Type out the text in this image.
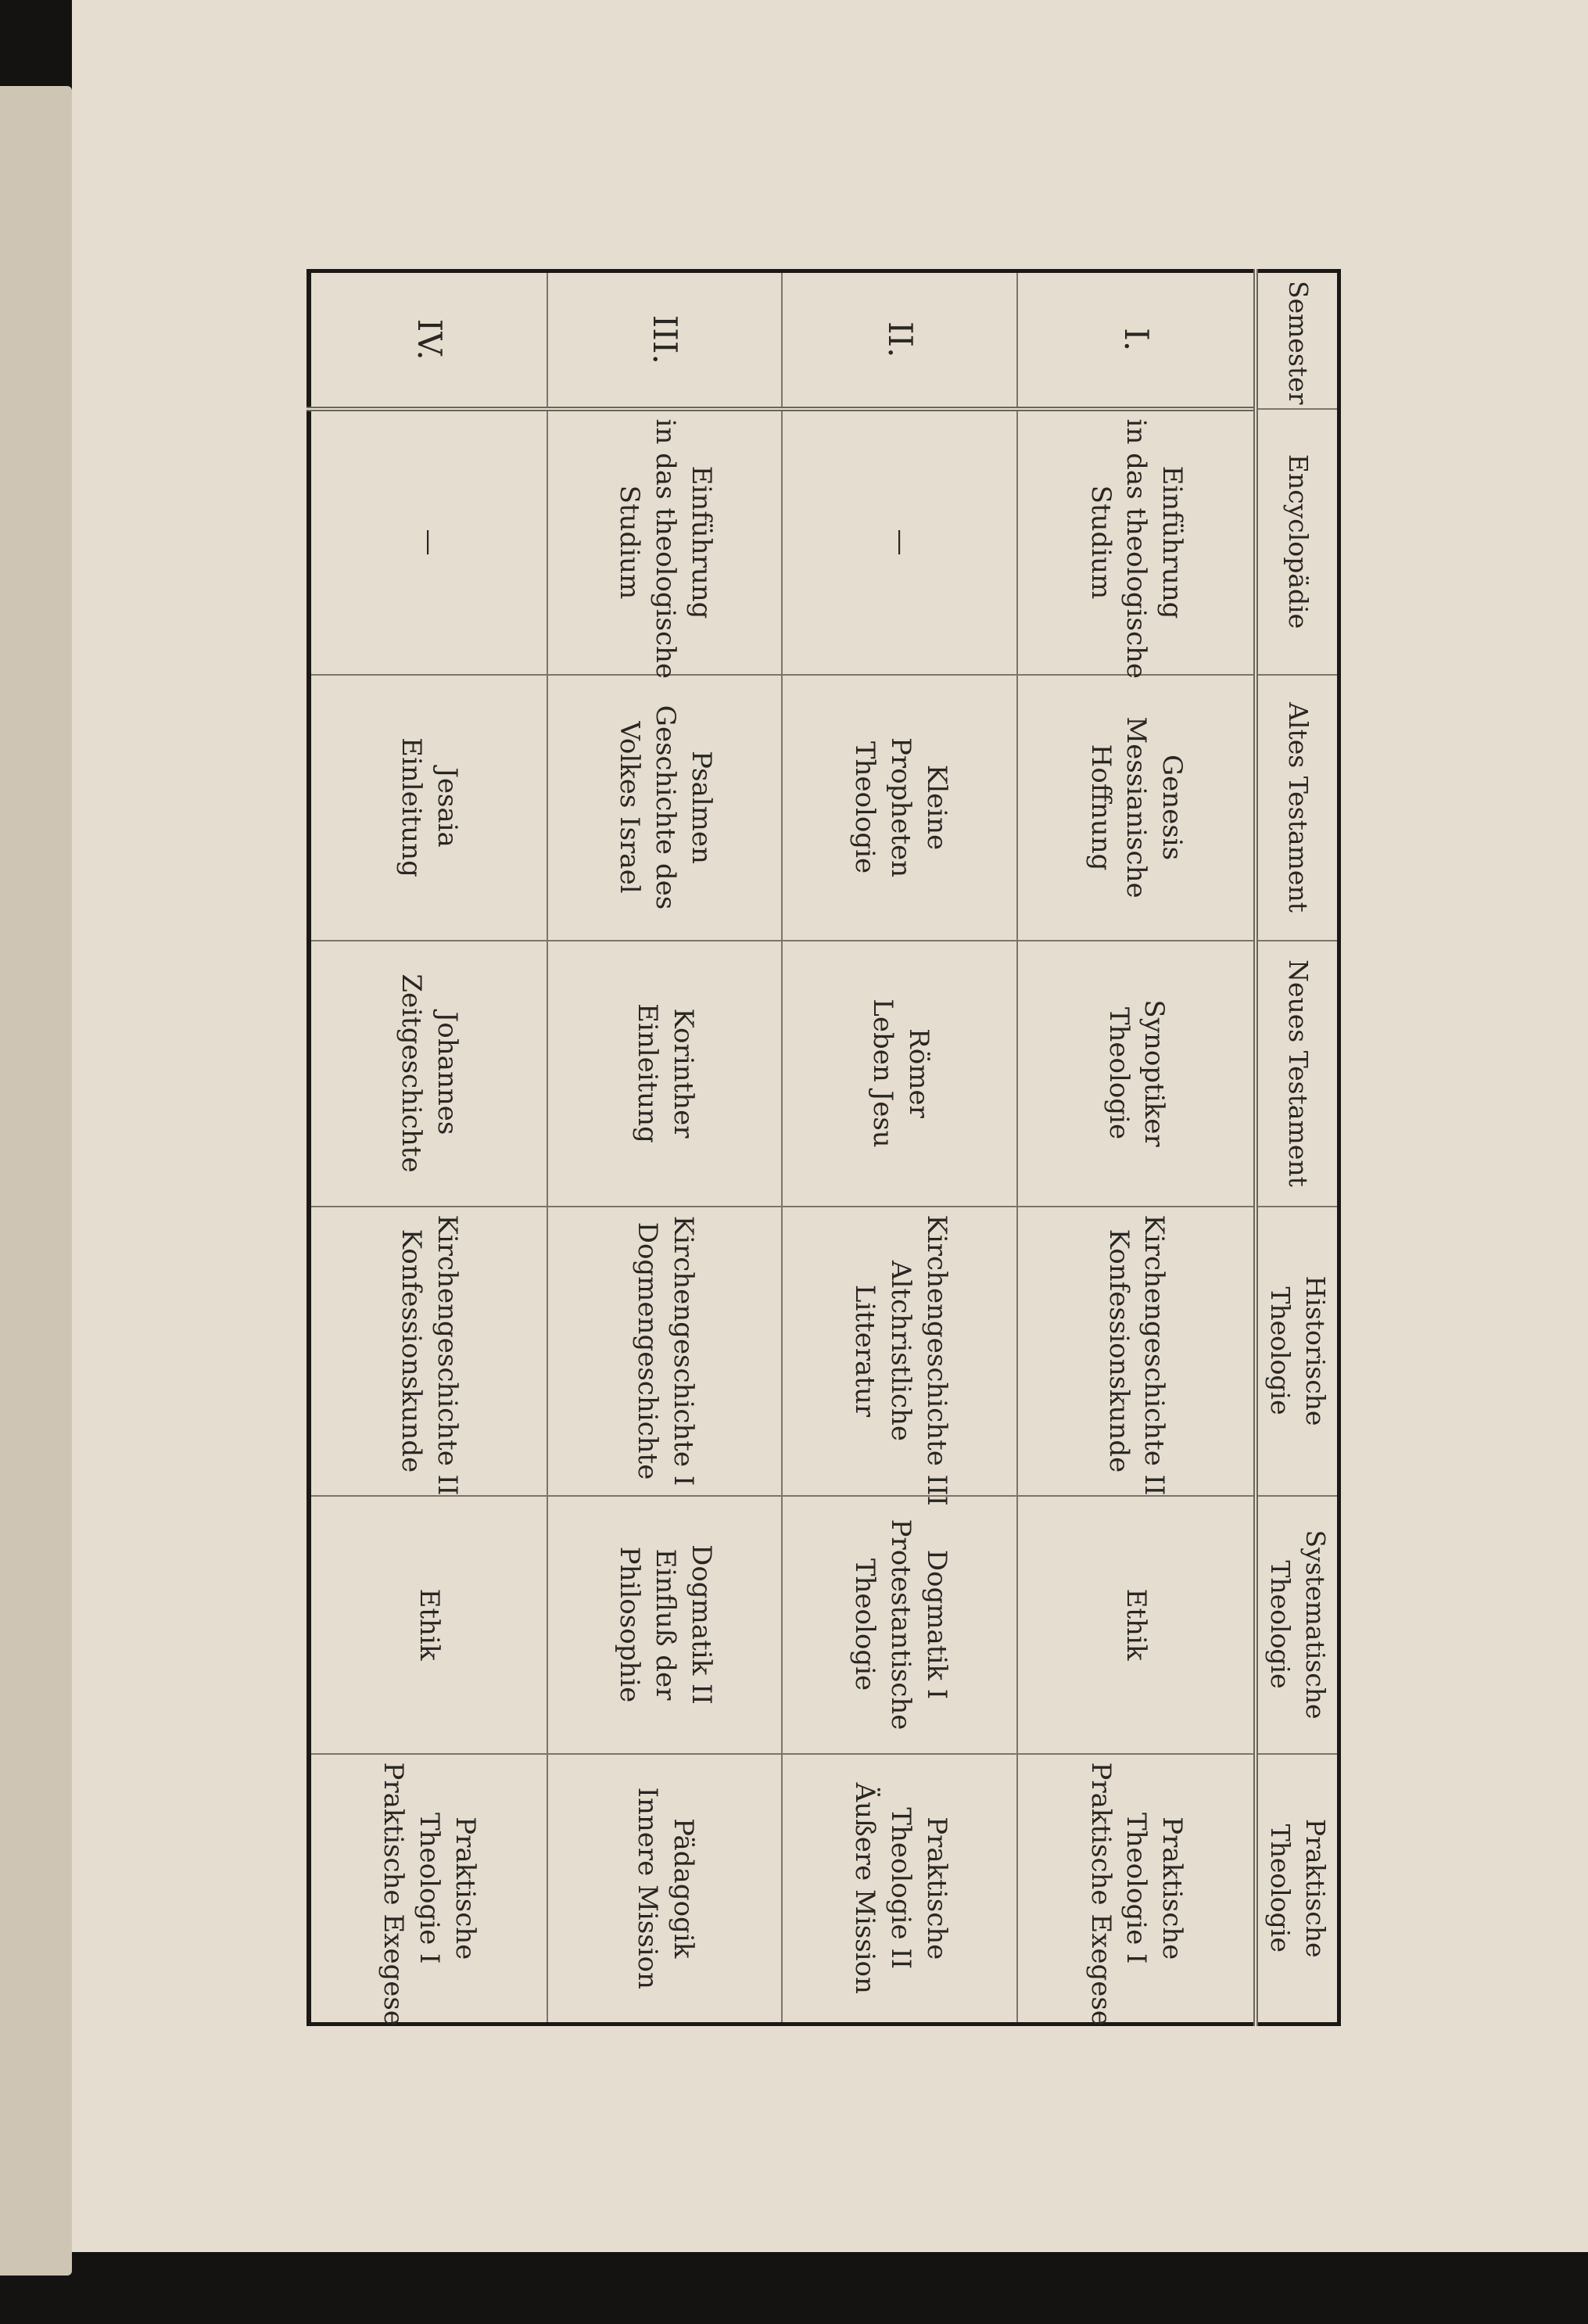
Semester	Encyclopädie	Altes Testament	Neues Testament	Historische Theologie	Systematische Theologie	Praktische Theologie

I.	Einführung
in das theologische
Studium	Genesis
Messianische
Hoffnung	Synoptiker
Theologie	Kirchengeschichte II
Konfessionskunde	Ethik	Praktische
Theologie I
Praktische Exegese

II.	—	Kleine
Propheten
Theologie	Römer
Leben Jesu	Kirchengeschichte III
Altchristliche
Litteratur	Dogmatik I
Protestantische
Theologie	Praktische
Theologie II
Äußere Mission

III.	Einführung
in das theologische
Studium	Psalmen
Geschichte des
Volkes Israel	Korinther
Einleitung	Kirchengeschichte I
Dogmengeschichte	Dogmatik II
Einfluß der
Philosophie	Pädagogik
Innere Mission

IV.	—	Jesaia
Einleitung	Johannes
Zeitgeschichte	Kirchengeschichte II
Konfessionskunde	Ethik	Praktische
Theologie I
Praktische Exegese
